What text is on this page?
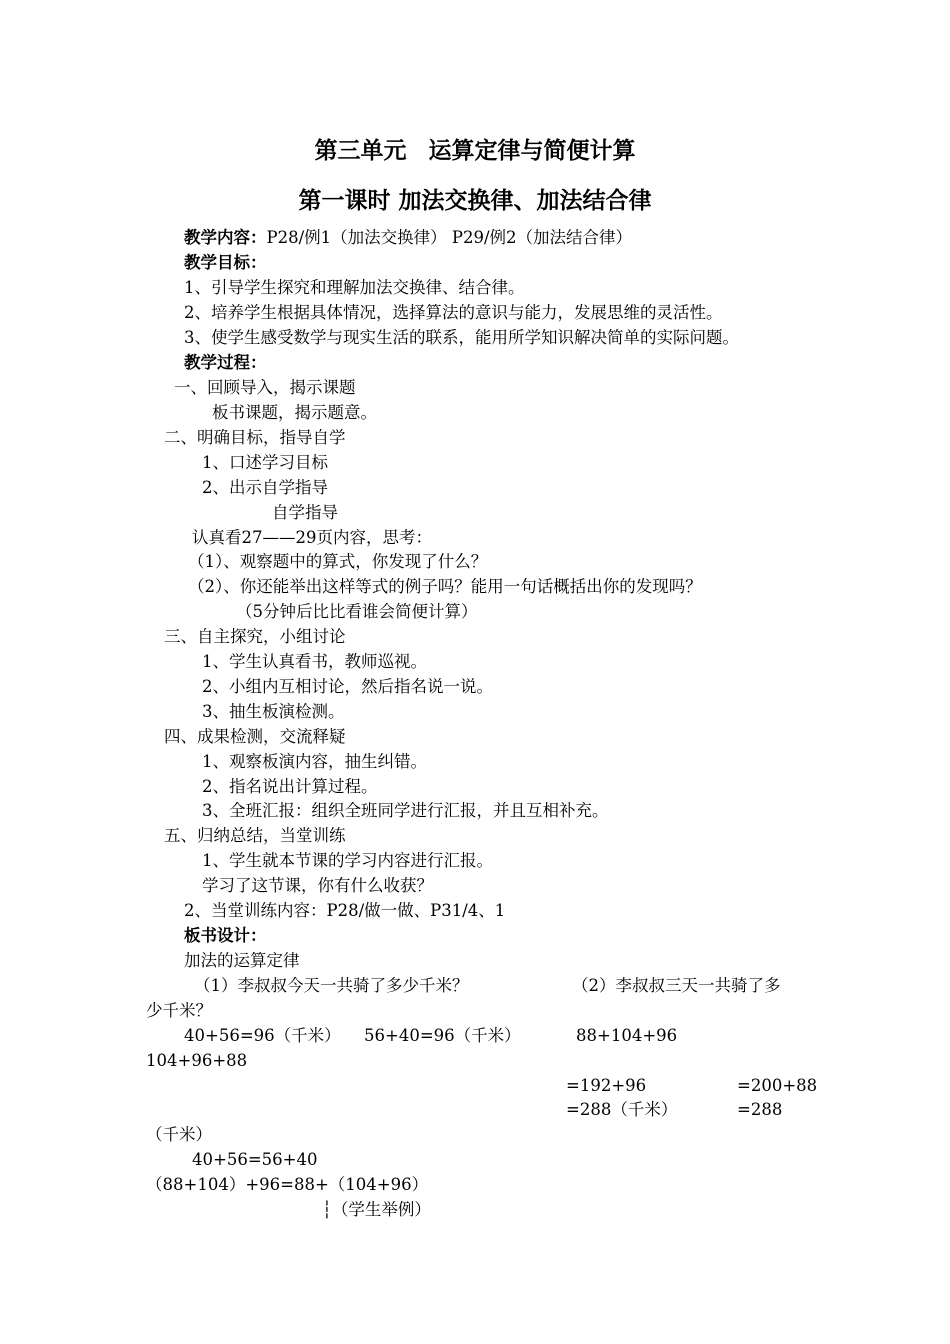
第三单元 运算定律与简便计算
第一课时 加法交换律、加法结合律
教学内容：P28/例1（加法交换律） P29/例2（加法结合律）
教学目标：
1、引导学生探究和理解加法交换律、结合律。
2、培养学生根据具体情况，选择算法的意识与能力，发展思维的灵活性。
3、使学生感受数学与现实生活的联系，能用所学知识解决简单的实际问题。
教学过程：
一、回顾导入，揭示课题
板书课题，揭示题意。
二、明确目标，指导自学
1、口述学习目标
2、出示自学指导
自学指导
认真看27——29页内容，思考：
（1）、观察题中的算式，你发现了什么？
（2）、你还能举出这样等式的例子吗？能用一句话概括出你的发现吗？
（5分钟后比比看谁会简便计算）
三、自主探究，小组讨论
1、学生认真看书，教师巡视。
2、小组内互相讨论，然后指名说一说。
3、抽生板演检测。
四、成果检测，交流释疑
1、观察板演内容，抽生纠错。
2、指名说出计算过程。
3、全班汇报：组织全班同学进行汇报，并且互相补充。
五、归纳总结，当堂训练
1、学生就本节课的学习内容进行汇报。
学习了这节课，你有什么收获？
2、当堂训练内容：P28/做一做、P31/4、1
板书设计：
加法的运算定律
（1）李叔叔今天一共骑了多少千米？	（2）李叔叔三天一共骑了多
少千米？
40+56=96（千米） 56+40=96（千米）	88+104+96
104+96+88
=192+96	=200+88
=288（千米）	=288
（千米）
40+56=56+40
（88+104）+96=88+（104+96）
┆（学生举例）
